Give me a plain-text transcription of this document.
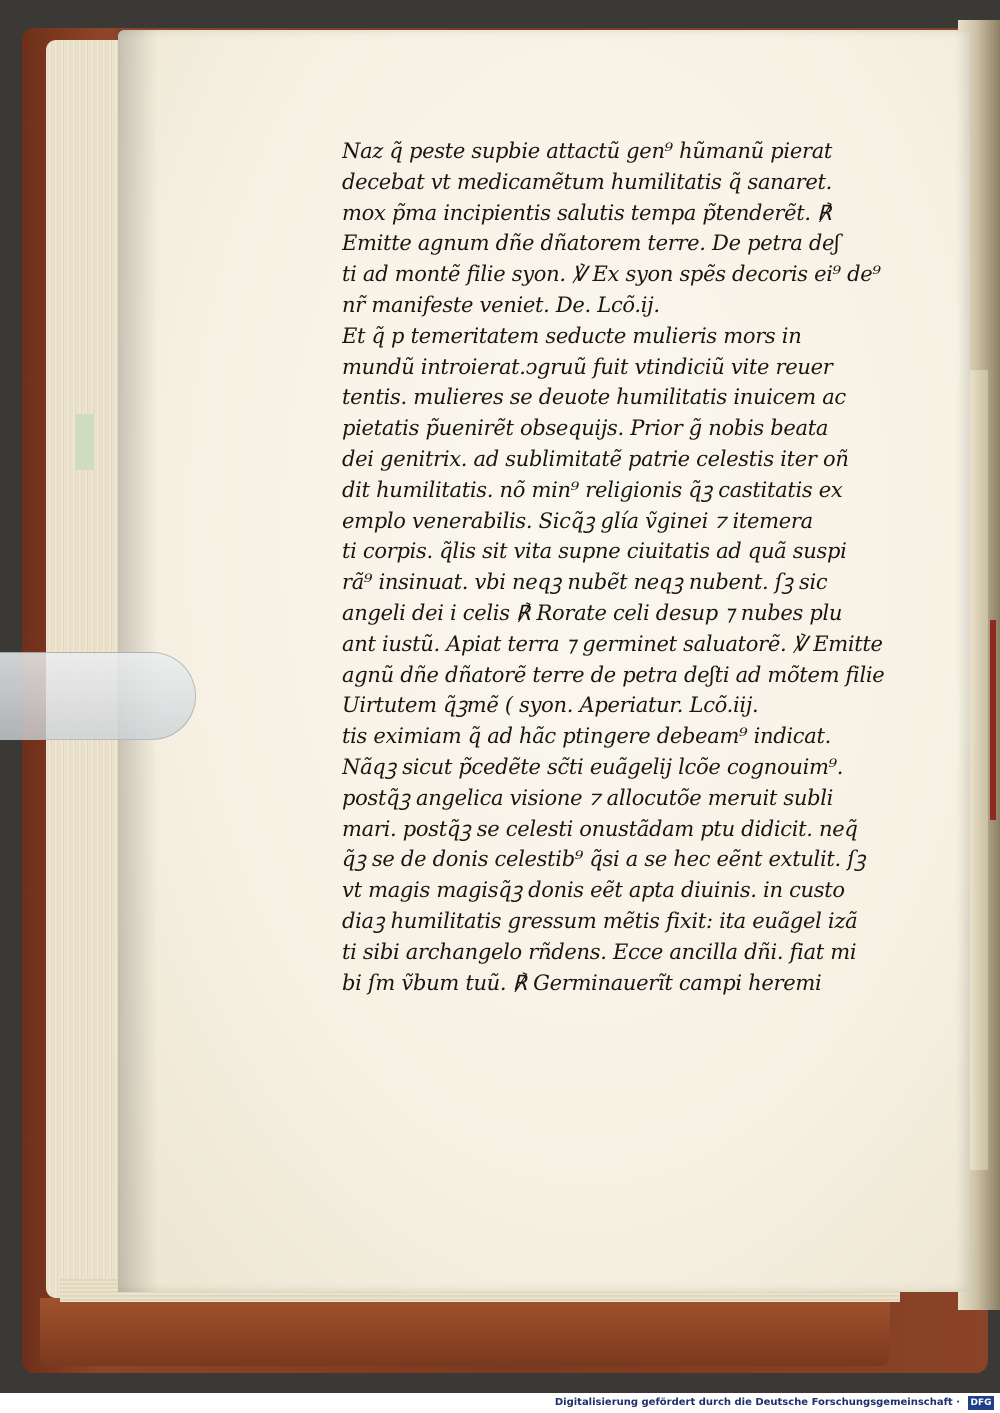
Naz q̃ peste supbie attactũ gen⁹ hũmanũ pierat
decebat vt medicamẽtum humilitatis q̃ sanaret.
mox p̃ma incipientis salutis tempa p̃tenderẽt. ℟
Emitte agnum dñe dñatorem terre. De petra deʃ
ti ad montẽ filie syon. ℣ Ex syon spẽs decoris ei⁹ de⁹
nr̃ manifeste veniet. De. Lcõ.ij.
Et q̃ p temeritatem seducte mulieris mors in
mundũ introierat.ↄgruũ fuit vtindiciũ vite reuer
tentis. mulieres se deuote humilitatis inuicem ac
pietatis p̃uenirẽt obsequijs. Prior g̃ nobis beata
dei genitrix. ad sublimitatẽ patrie celestis iter oñ
dit humilitatis. nõ min⁹ religionis q̃ꝫ castitatis ex
emplo venerabilis. Sicq̃ꝫ glía ṽginei ⁊ itemera
ti corpis. q̃lis sit vita supne ciuitatis ad quã suspi
rã⁹ insinuat. vbi neqꝫ nubẽt neqꝫ nubent. ſꝫ sic
angeli dei i celis ℟ Rorate celi desup ⁊ nubes plu
ant iustũ. Apiat terra ⁊ germinet saluatorẽ. ℣ Emitte
agnũ dñe dñatorẽ terre de petra deʃti ad mõtem filie
Uirtutem q̃ꝫmẽ ( syon. Aperiatur. Lcõ.iij.
tis eximiam q̃ ad hãc ptingere debeam⁹ indicat.
Nãqꝫ sicut p̃cedẽte sc̃ti euãgelij lcõe cognouim⁹.
postq̃ꝫ angelica visione ⁊ allocutõe meruit subli
mari. postq̃ꝫ se celesti onustãdam ptu didicit. neq̃
q̃ꝫ se de donis celestib⁹ q̃si a se hec eẽnt extulit. ſꝫ
vt magis magisq̃ꝫ donis eẽt apta diuinis. in custo
diaꝫ humilitatis gressum mẽtis fixit: ita euãgel izã
ti sibi archangelo rñdens. Ecce ancilla dñi. fiat mi
bi ſm ṽbum tuũ. ℟ Germinauerĩt campi heremi
Digitalisierung gefördert durch die Deutsche Forschungsgemeinschaft · DFG
